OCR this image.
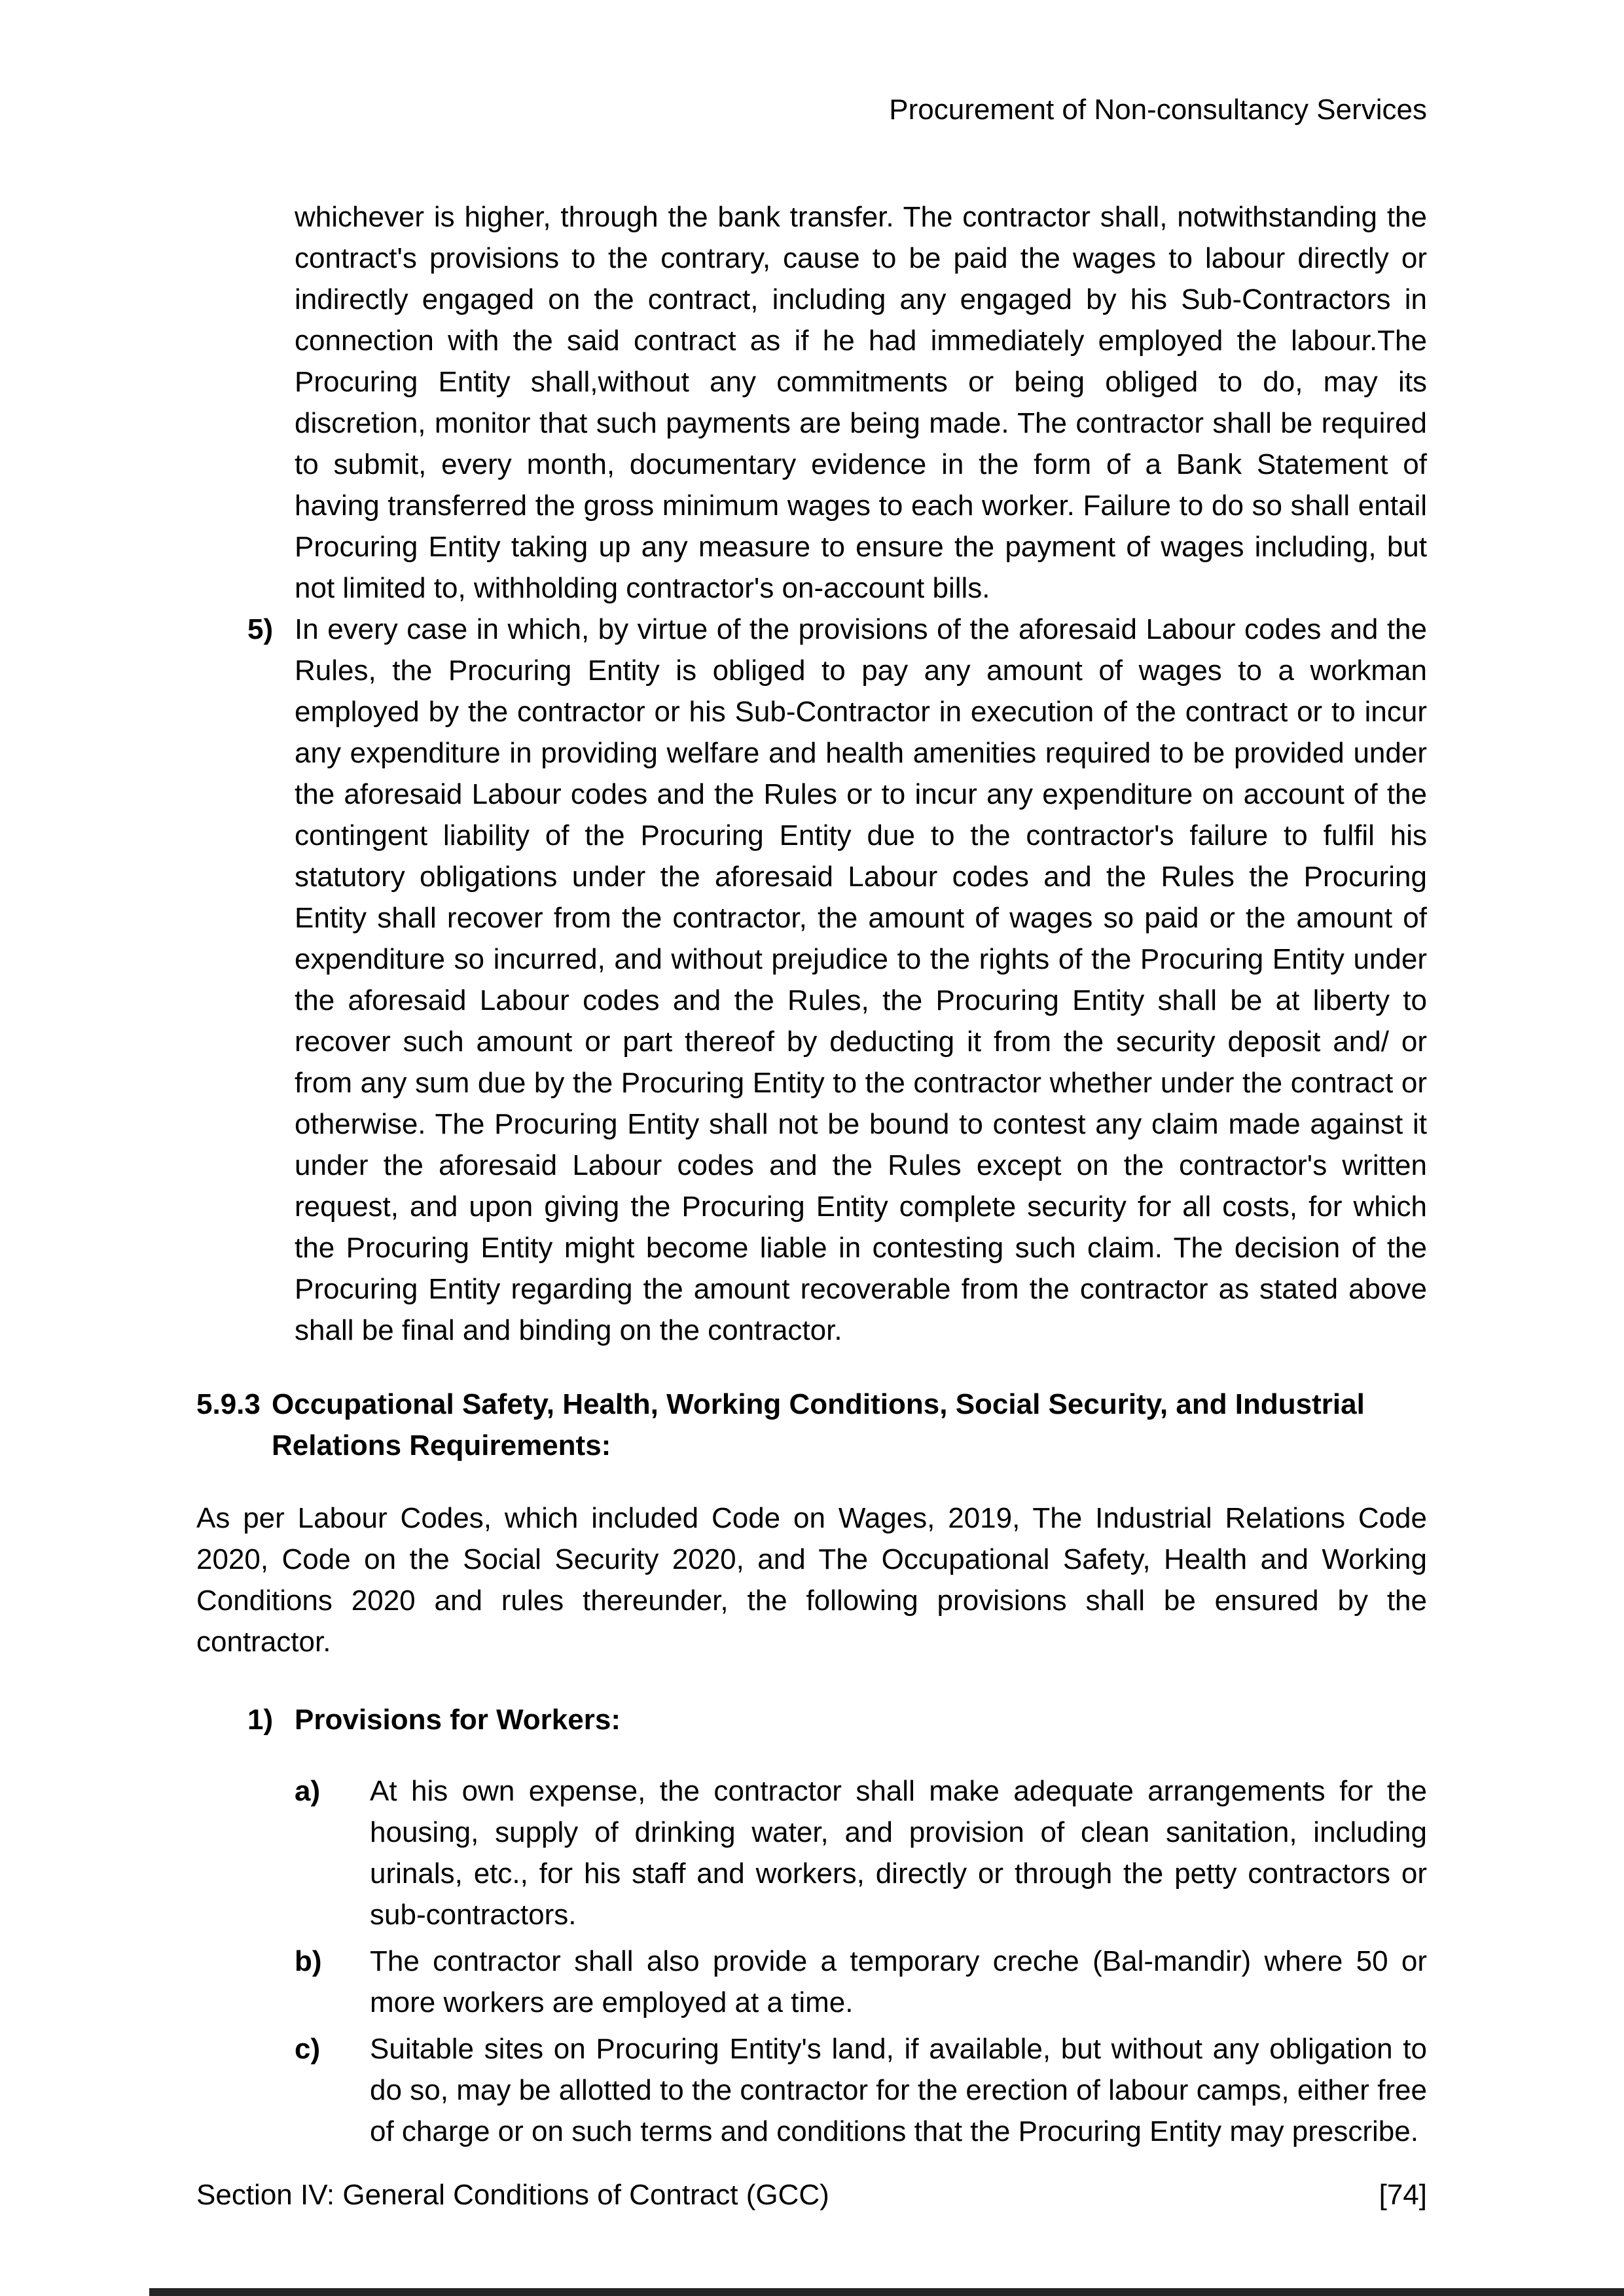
Procurement of Non-consultancy Services
whichever is higher, through the bank transfer. The contractor shall, notwithstanding the contract's provisions to the contrary, cause to be paid the wages to labour directly or indirectly engaged on the contract, including any engaged by his Sub-Contractors in connection with the said contract as if he had immediately employed the labour.The Procuring Entity shall,without any commitments or being obliged to do, may its discretion, monitor that such payments are being made. The contractor shall be required to submit, every month, documentary evidence in the form of a Bank Statement of having transferred the gross minimum wages to each worker. Failure to do so shall entail Procuring Entity taking up any measure to ensure the payment of wages including, but not limited to, withholding contractor's on-account bills.
5) In every case in which, by virtue of the provisions of the aforesaid Labour codes and the Rules, the Procuring Entity is obliged to pay any amount of wages to a workman employed by the contractor or his Sub-Contractor in execution of the contract or to incur any expenditure in providing welfare and health amenities required to be provided under the aforesaid Labour codes and the Rules or to incur any expenditure on account of the contingent liability of the Procuring Entity due to the contractor's failure to fulfil his statutory obligations under the aforesaid Labour codes and the Rules the Procuring Entity shall recover from the contractor, the amount of wages so paid or the amount of expenditure so incurred, and without prejudice to the rights of the Procuring Entity under the aforesaid Labour codes and the Rules, the Procuring Entity shall be at liberty to recover such amount or part thereof by deducting it from the security deposit and/ or from any sum due by the Procuring Entity to the contractor whether under the contract or otherwise. The Procuring Entity shall not be bound to contest any claim made against it under the aforesaid Labour codes and the Rules except on the contractor's written request, and upon giving the Procuring Entity complete security for all costs, for which the Procuring Entity might become liable in contesting such claim. The decision of the Procuring Entity regarding the amount recoverable from the contractor as stated above shall be final and binding on the contractor.
5.9.3 Occupational Safety, Health, Working Conditions, Social Security, and Industrial Relations Requirements:
As per Labour Codes, which included Code on Wages, 2019, The Industrial Relations Code 2020, Code on the Social Security 2020, and The Occupational Safety, Health and Working Conditions 2020 and rules thereunder, the following provisions shall be ensured by the contractor.
1) Provisions for Workers:
a)	At his own expense, the contractor shall make adequate arrangements for the housing, supply of drinking water, and provision of clean sanitation, including urinals, etc., for his staff and workers, directly or through the petty contractors or sub-contractors.
b)	The contractor shall also provide a temporary creche (Bal-mandir) where 50 or more workers are employed at a time.
c)	Suitable sites on Procuring Entity's land, if available, but without any obligation to do so, may be allotted to the contractor for the erection of labour camps, either free of charge or on such terms and conditions that the Procuring Entity may prescribe.
Section IV: General Conditions of Contract (GCC)	[74]
